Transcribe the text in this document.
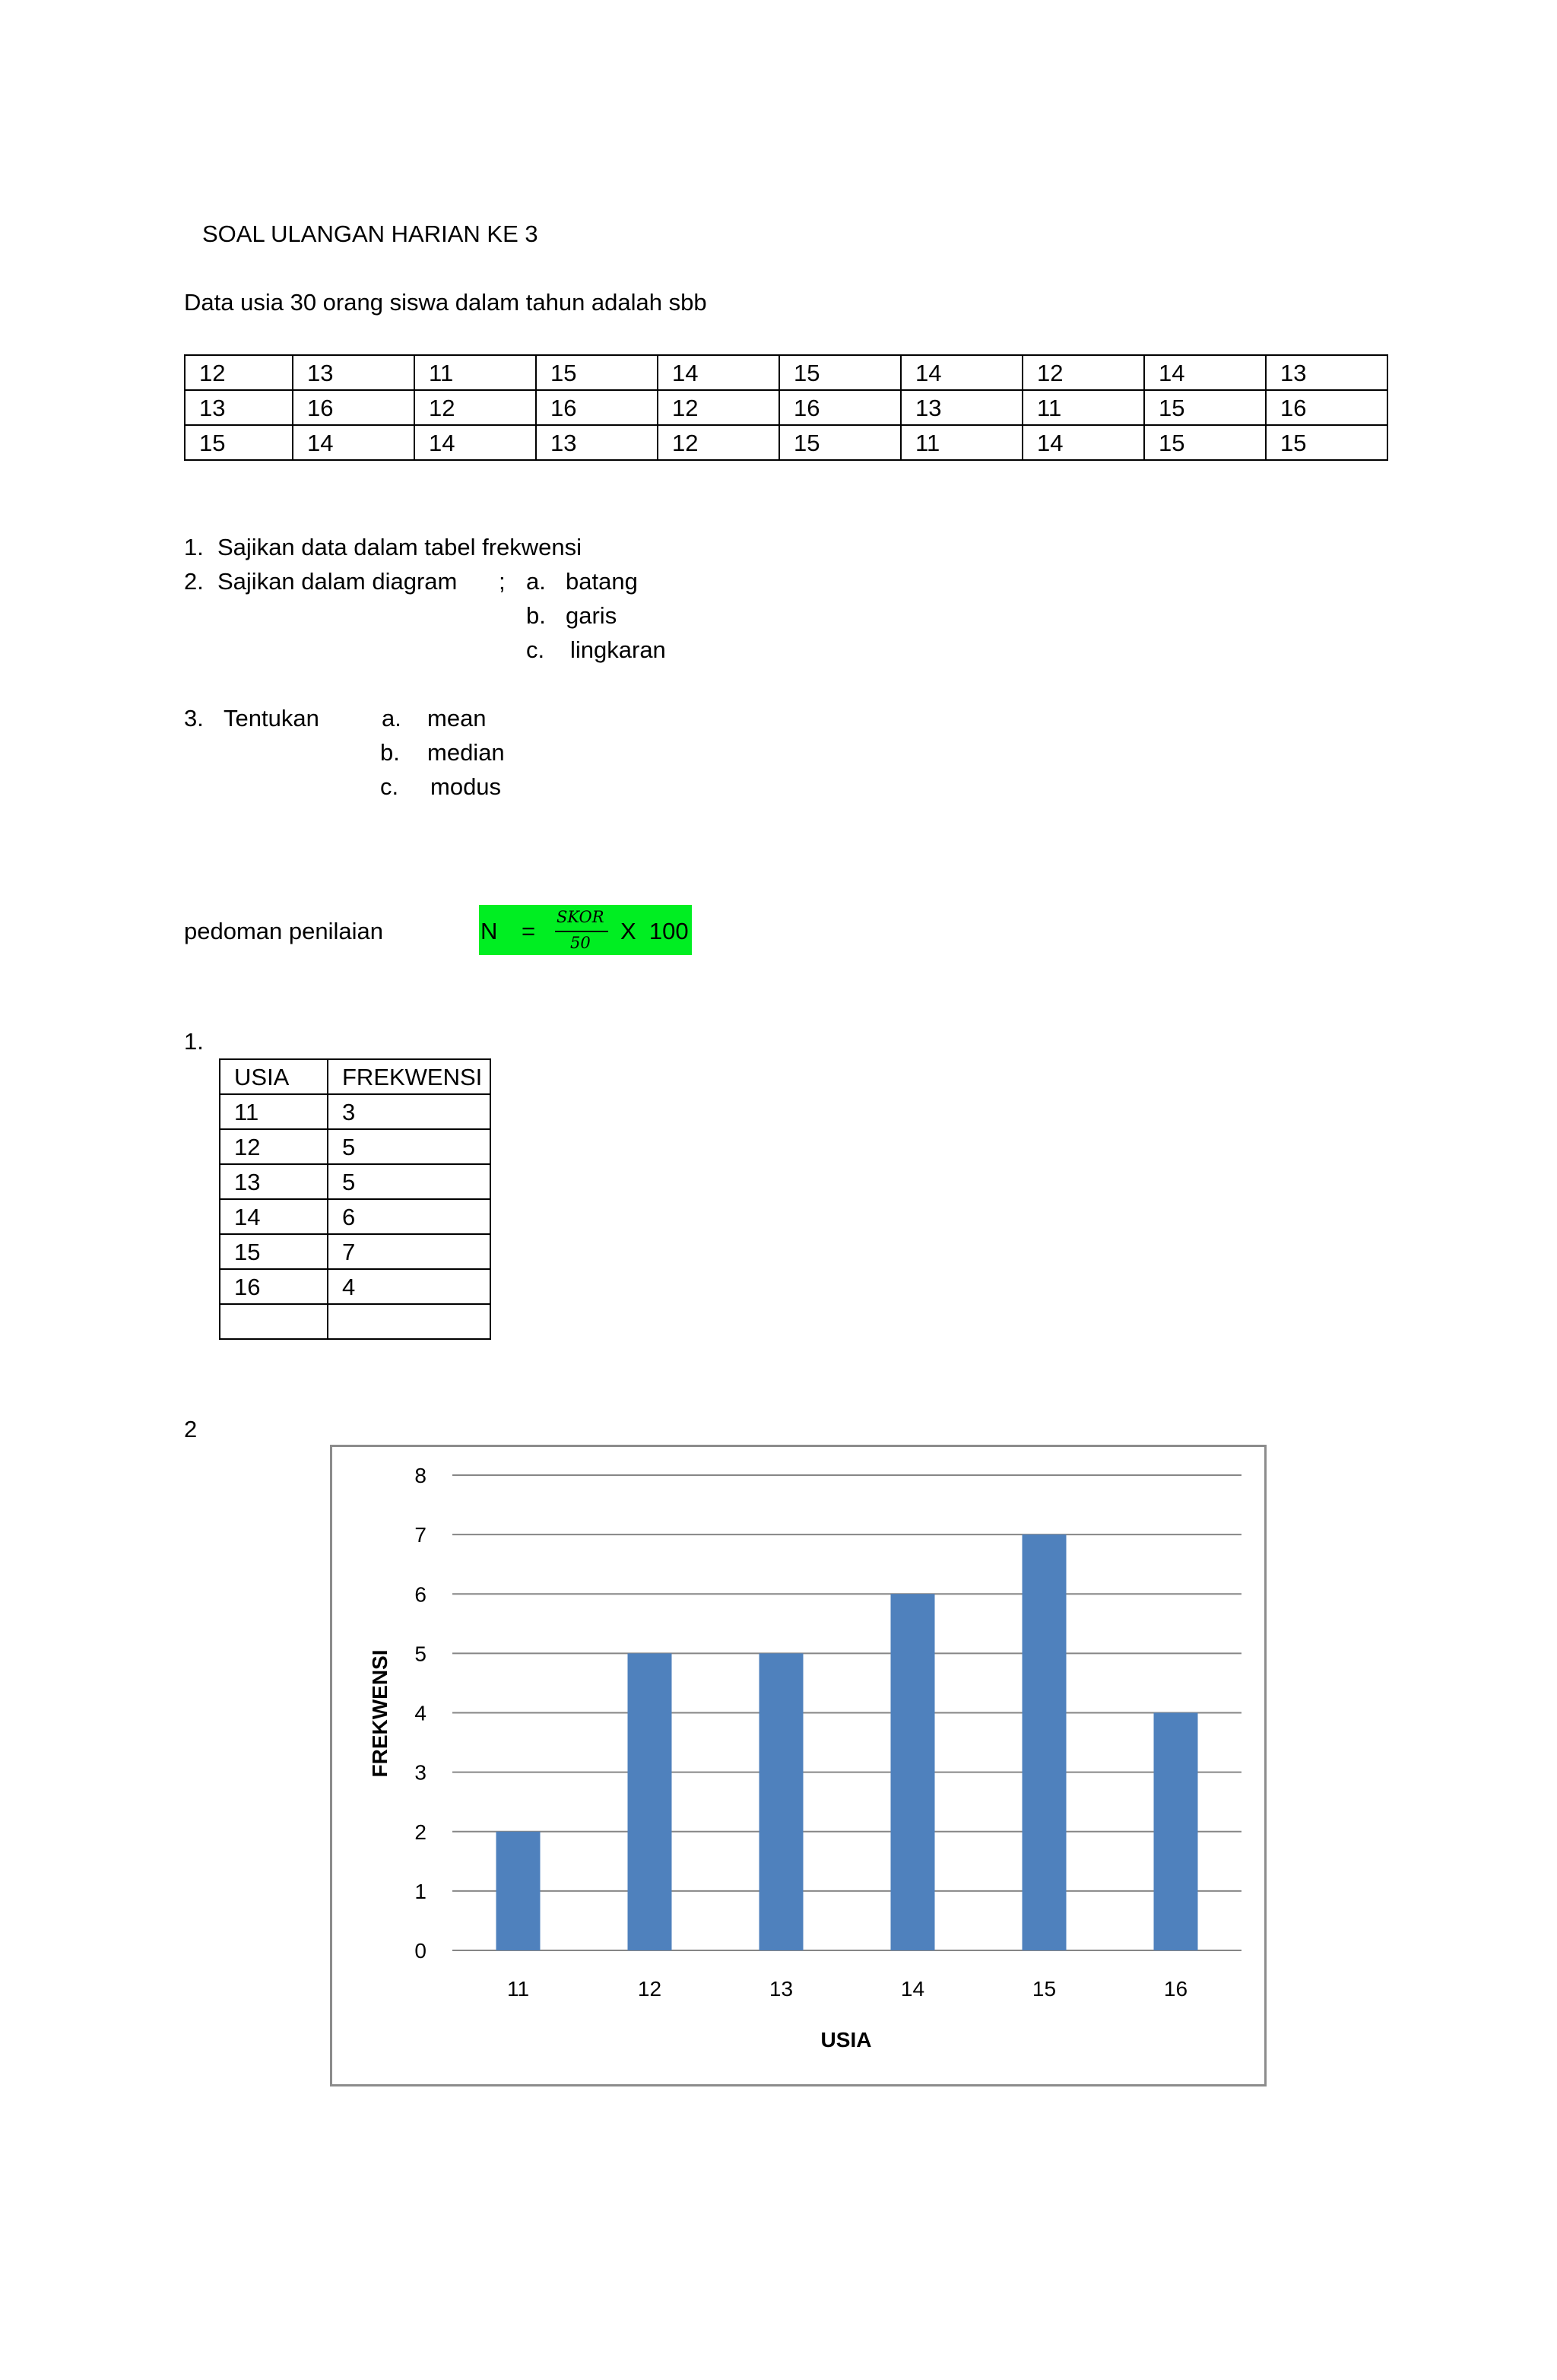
SOAL ULANGAN HARIAN KE 3
Data usia 30 orang siswa dalam tahun adalah sbb
12	13	11	15	14	15	14	12	14	13
13	16	12	16	12	16	13	11	15	16
15	14	14	13	12	15	11	14	15	15
1. Sajikan data dalam tabel frekwensi
2. Sajikan dalam diagram ; a. batang
b. garis
c. lingkaran
3. Tentukan	a. mean
b. median
c. modus
pedoman penilaian	N =
SKOR
50 X  100
1.
USIA	FREKWENSI
11	3
12	5
13	5
14	6
15	7
16	4

2
0
1
2
3
4
5
6
7
8
11	12	13	14	15	16
USIA
FREKWENSI
